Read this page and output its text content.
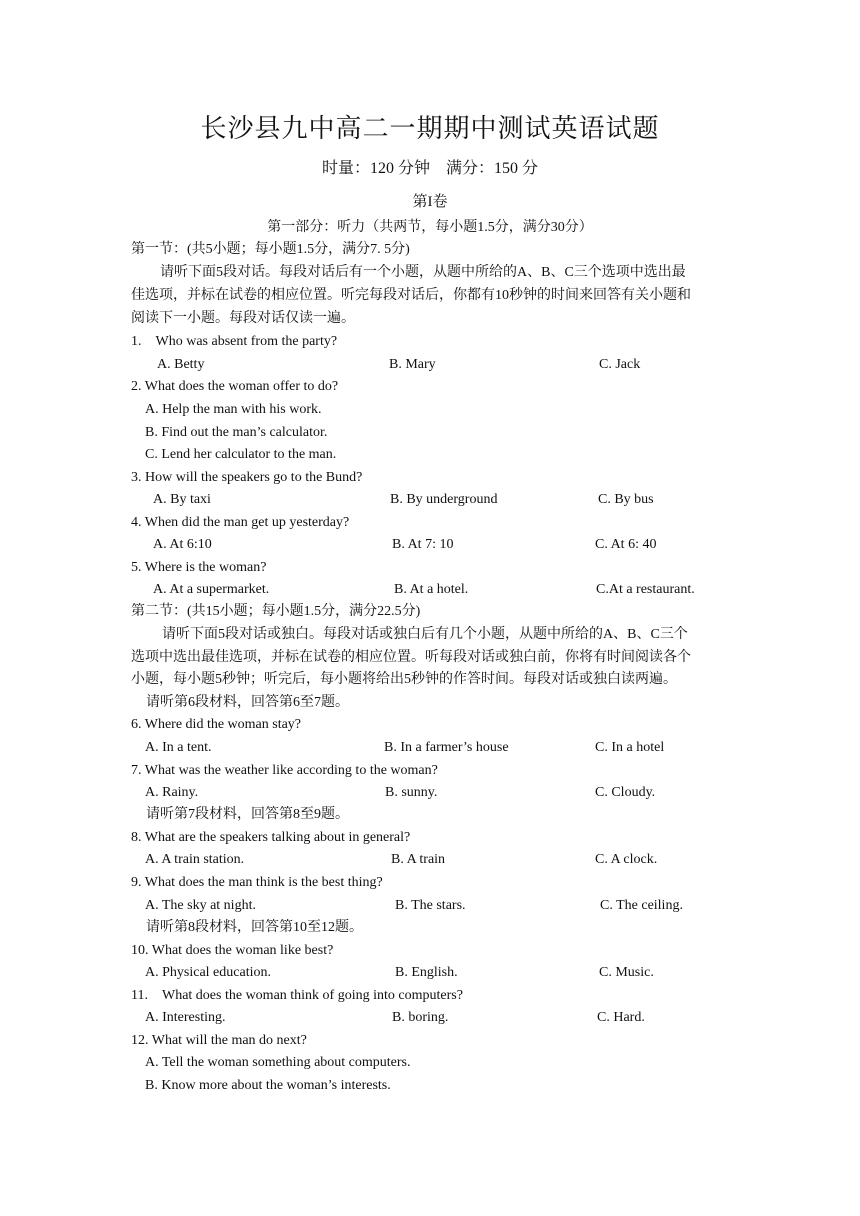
长沙县九中高二一期期中测试英语试题
时量：120 分钟　满分：150 分
第I卷
第一部分：听力（共两节，每小题1.5分，满分30分）
第一节：(共5小题；每小题1.5分，满分7. 5分)
请听下面5段对话。每段对话后有一个小题，从题中所给的A、B、C三个选项中选出最
佳选项，并标在试卷的相应位置。听完每段对话后，你都有10秒钟的时间来回答有关小题和
阅读下一小题。每段对话仅读一遍。
1.　Who was absent from the party?
A. Betty	B. Mary	C. Jack
2. What does the woman offer to do?
A. Help the man with his work.
B. Find out the man’s calculator.
C. Lend her calculator to the man.
3. How will the speakers go to the Bund?
A. By taxi	B. By underground	C. By bus
4. When did the man get up yesterday?
A. At 6:10	B. At 7: 10	C. At 6: 40
5. Where is the woman?
A. At a supermarket.	B. At a hotel.	C.At a restaurant.
第二节：(共15小题；每小题1.5分，满分22.5分)
请听下面5段对话或独白。每段对话或独白后有几个小题，从题中所给的A、B、C三个
选项中选出最佳选项，并标在试卷的相应位置。听每段对话或独白前，你将有时间阅读各个
小题，每小题5秒钟；听完后，每小题将给出5秒钟的作答时间。每段对话或独白读两遍。
请听第6段材料，回答第6至7题。
6. Where did the woman stay?
A. In a tent.	B. In a farmer’s house	C. In a hotel
7. What was the weather like according to the woman?
A. Rainy.	B. sunny.	C. Cloudy.
请听第7段材料，回答第8至9题。
8. What are the speakers talking about in general?
A. A train station.	B. A train	C. A clock.
9. What does the man think is the best thing?
A. The sky at night.	B. The stars.	C. The ceiling.
请听第8段材料，回答第10至12题。
10. What does the woman like best?
A. Physical education.	B. English.	C. Music.
11.　What does the woman think of going into computers?
A. Interesting.	B. boring.	C. Hard.
12. What will the man do next?
A. Tell the woman something about computers.
B. Know more about the woman’s interests.
